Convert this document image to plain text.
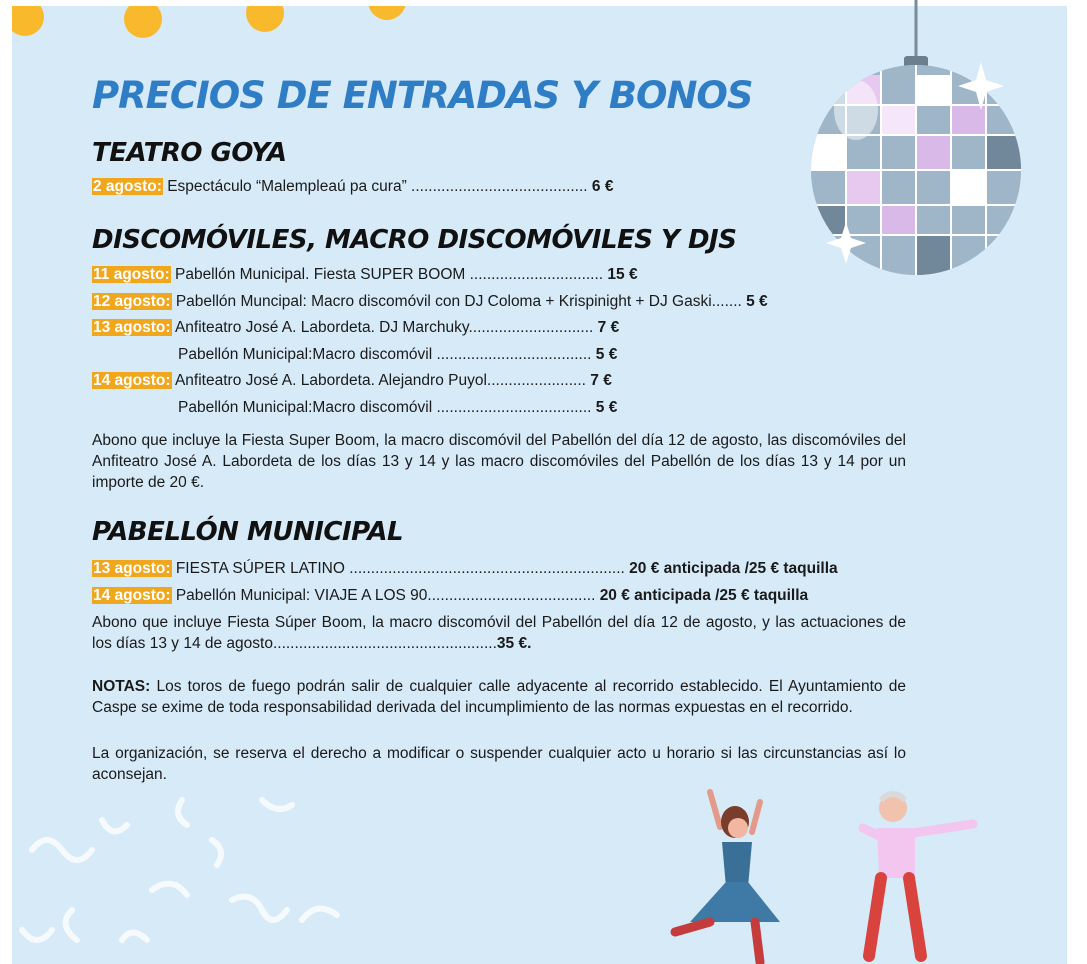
PRECIOS DE ENTRADAS Y BONOS
TEATRO GOYA
2 agosto: Espectáculo “Malempleaú pa cura” ......................................... 6 €
DISCOMÓVILES, MACRO DISCOMÓVILES Y DJS
11 agosto: Pabellón Municipal. Fiesta SUPER BOOM ............................... 15 €
12 agosto: Pabellón Muncipal: Macro discomóvil con DJ Coloma + Krispinight + DJ Gaski....... 5 €
13 agosto: Anfiteatro José A. Labordeta. DJ Marchuky............................. 7 €
Pabellón Municipal:Macro discomóvil .................................... 5 €
14 agosto: Anfiteatro José A. Labordeta. Alejandro Puyol....................... 7 €
Pabellón Municipal:Macro discomóvil .................................... 5 €
Abono que incluye la Fiesta Super Boom, la macro discomóvil del Pabellón del día 12 de agosto, las discomóviles del Anfiteatro José A. Labordeta de los días 13 y 14 y las macro discomóviles del Pabellón de los días 13 y 14 por un importe de 20 €.
PABELLÓN MUNICIPAL
13 agosto: FIESTA SÚPER LATINO ................................................................ 20 € anticipada /25 € taquilla
14 agosto: Pabellón Municipal: VIAJE A LOS 90....................................... 20 € anticipada /25 € taquilla
Abono que incluye Fiesta Súper Boom, la macro discomóvil del Pabellón del día 12 de agosto, y las actuaciones de los días 13 y 14 de agosto....................................................35 €.
NOTAS: Los toros de fuego podrán salir de cualquier calle adyacente al recorrido establecido. El Ayuntamiento de Caspe se exime de toda responsabilidad derivada del incumplimiento de las normas expuestas en el recorrido.
La organización, se reserva el derecho a modificar o suspender cualquier acto u horario si las circunstancias así lo aconsejan.
